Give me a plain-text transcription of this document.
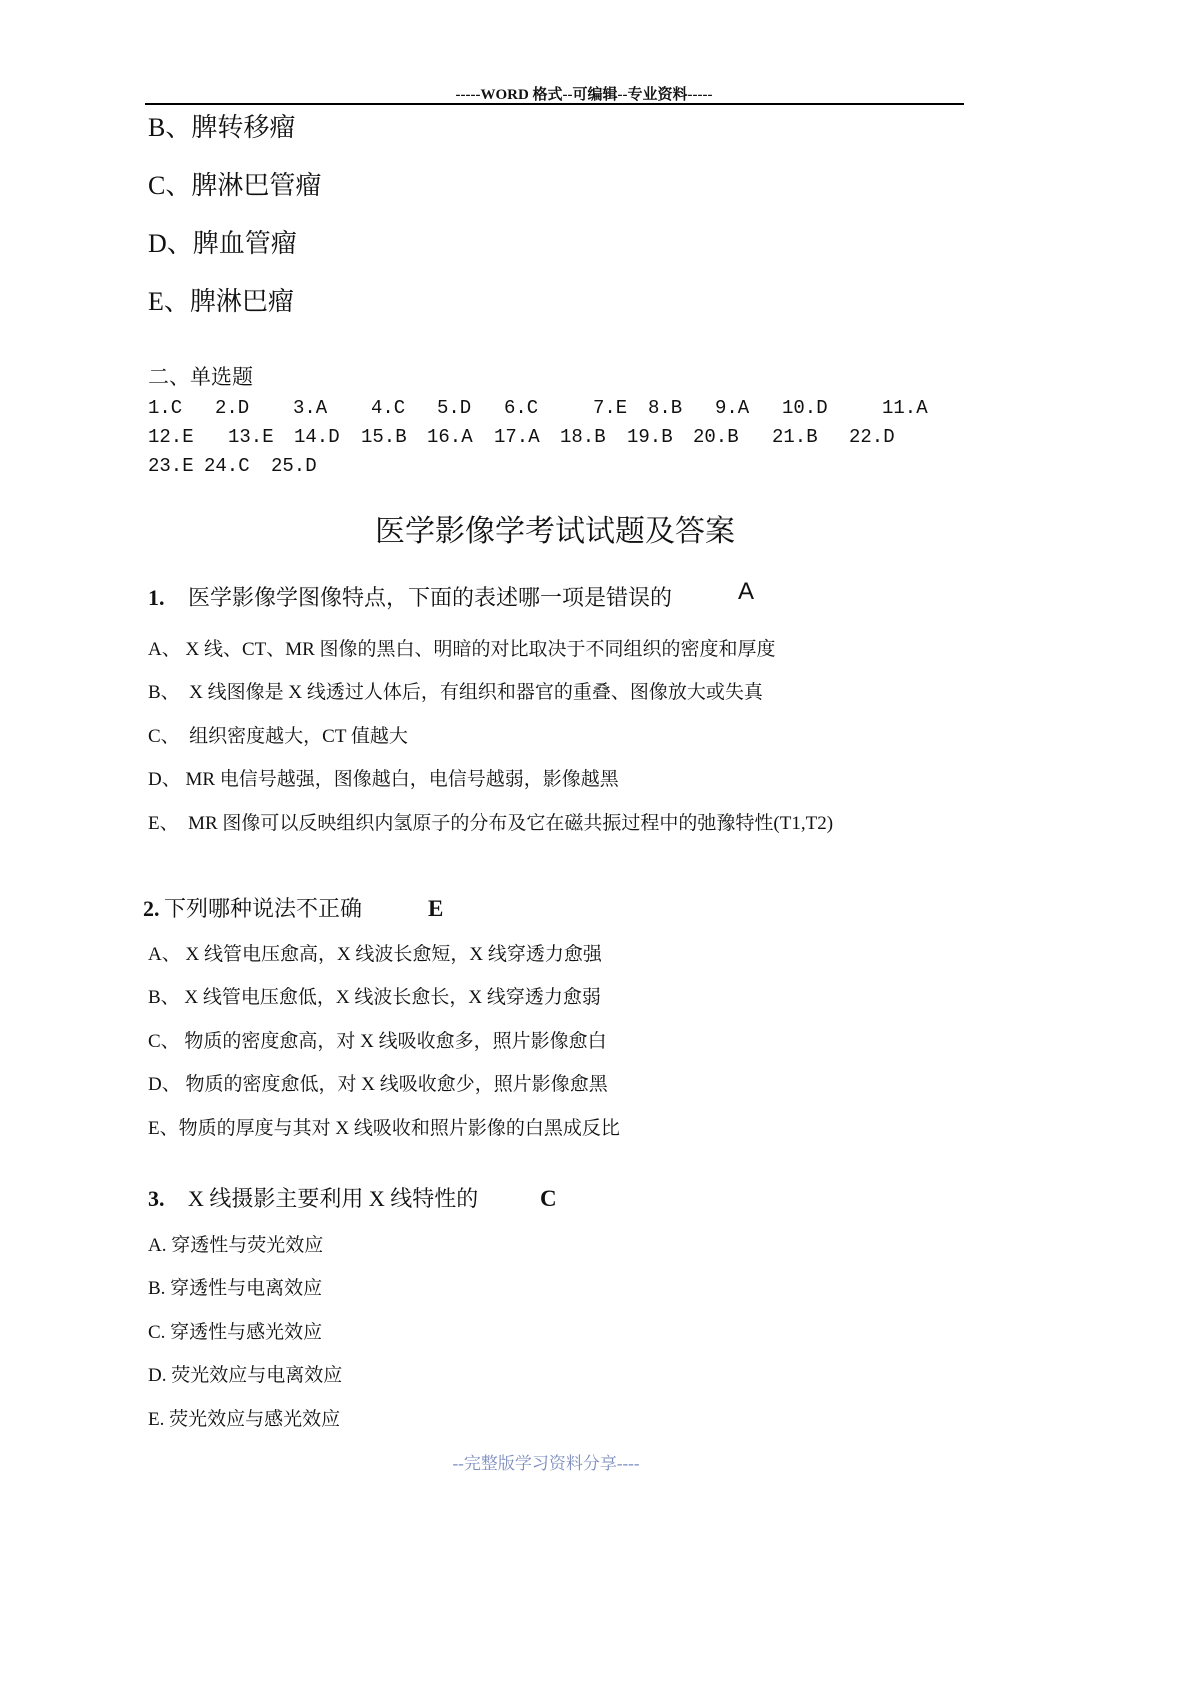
-----WORD 格式--可编辑--专业资料-----
B、脾转移瘤
C、脾淋巴管瘤
D、脾血管瘤
E、脾淋巴瘤
二、单选题
1.C 2.D 3.A 4.C 5.D 6.C	7.E 8.B 9.A 10.D	11.A
12.E 13.E 14.D 15.B 16.A 17.A 18.B 19.B 20.B 21.B 22.D
23.E 24.C 25.D
医学影像学考试试题及答案
1. 医学影像学图像特点，下面的表述哪一项是错误的	A
A、 X 线、CT、MR 图像的黑白、明暗的对比取决于不同组织的密度和厚度
B、  X 线图像是 X 线透过人体后，有组织和器官的重叠、图像放大或失真
C、  组织密度越大，CT 值越大
D、 MR 电信号越强，图像越白，电信号越弱，影像越黑
E、  MR 图像可以反映组织内氢原子的分布及它在磁共振过程中的弛豫特性(T1,T2)
2. 下列哪种说法不正确	E
A、 X 线管电压愈高，X 线波长愈短，X 线穿透力愈强
B、 X 线管电压愈低，X 线波长愈长，X 线穿透力愈弱
C、 物质的密度愈高，对 X 线吸收愈多，照片影像愈白
D、 物质的密度愈低，对 X 线吸收愈少，照片影像愈黑
E、物质的厚度与其对 X 线吸收和照片影像的白黑成反比
3. X 线摄影主要利用 X 线特性的	C
A. 穿透性与荧光效应
B. 穿透性与电离效应
C. 穿透性与感光效应
D. 荧光效应与电离效应
E. 荧光效应与感光效应
--完整版学习资料分享----
